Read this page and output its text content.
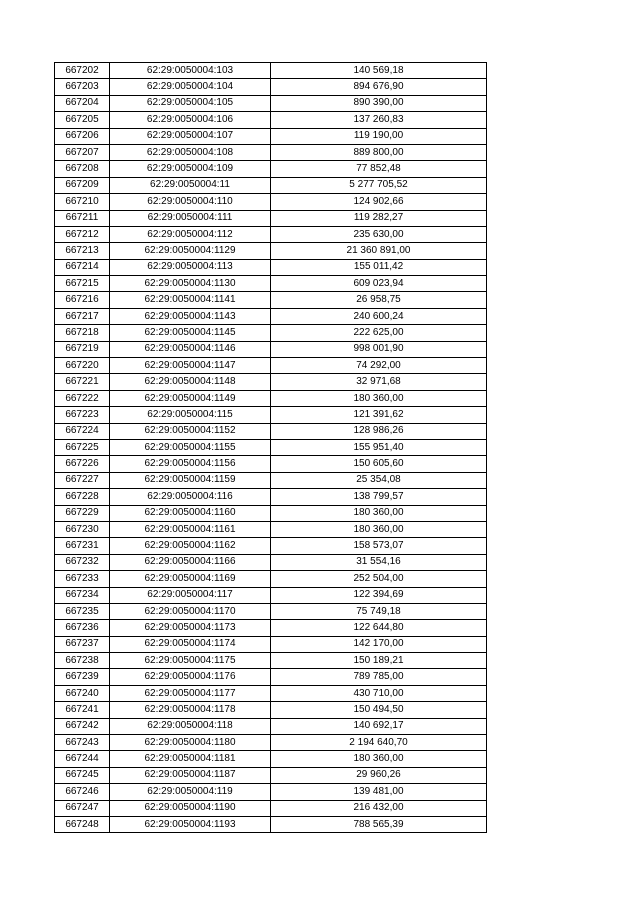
667202	62:29:0050004:103	140 569,18
667203	62:29:0050004:104	894 676,90
667204	62:29:0050004:105	890 390,00
667205	62:29:0050004:106	137 260,83
667206	62:29:0050004:107	119 190,00
667207	62:29:0050004:108	889 800,00
667208	62:29:0050004:109	77 852,48
667209	62:29:0050004:11	5 277 705,52
667210	62:29:0050004:110	124 902,66
667211	62:29:0050004:111	119 282,27
667212	62:29:0050004:112	235 630,00
667213	62:29:0050004:1129	21 360 891,00
667214	62:29:0050004:113	155 011,42
667215	62:29:0050004:1130	609 023,94
667216	62:29:0050004:1141	26 958,75
667217	62:29:0050004:1143	240 600,24
667218	62:29:0050004:1145	222 625,00
667219	62:29:0050004:1146	998 001,90
667220	62:29:0050004:1147	74 292,00
667221	62:29:0050004:1148	32 971,68
667222	62:29:0050004:1149	180 360,00
667223	62:29:0050004:115	121 391,62
667224	62:29:0050004:1152	128 986,26
667225	62:29:0050004:1155	155 951,40
667226	62:29:0050004:1156	150 605,60
667227	62:29:0050004:1159	25 354,08
667228	62:29:0050004:116	138 799,57
667229	62:29:0050004:1160	180 360,00
667230	62:29:0050004:1161	180 360,00
667231	62:29:0050004:1162	158 573,07
667232	62:29:0050004:1166	31 554,16
667233	62:29:0050004:1169	252 504,00
667234	62:29:0050004:117	122 394,69
667235	62:29:0050004:1170	75 749,18
667236	62:29:0050004:1173	122 644,80
667237	62:29:0050004:1174	142 170,00
667238	62:29:0050004:1175	150 189,21
667239	62:29:0050004:1176	789 785,00
667240	62:29:0050004:1177	430 710,00
667241	62:29:0050004:1178	150 494,50
667242	62:29:0050004:118	140 692,17
667243	62:29:0050004:1180	2 194 640,70
667244	62:29:0050004:1181	180 360,00
667245	62:29:0050004:1187	29 960,26
667246	62:29:0050004:119	139 481,00
667247	62:29:0050004:1190	216 432,00
667248	62:29:0050004:1193	788 565,39
